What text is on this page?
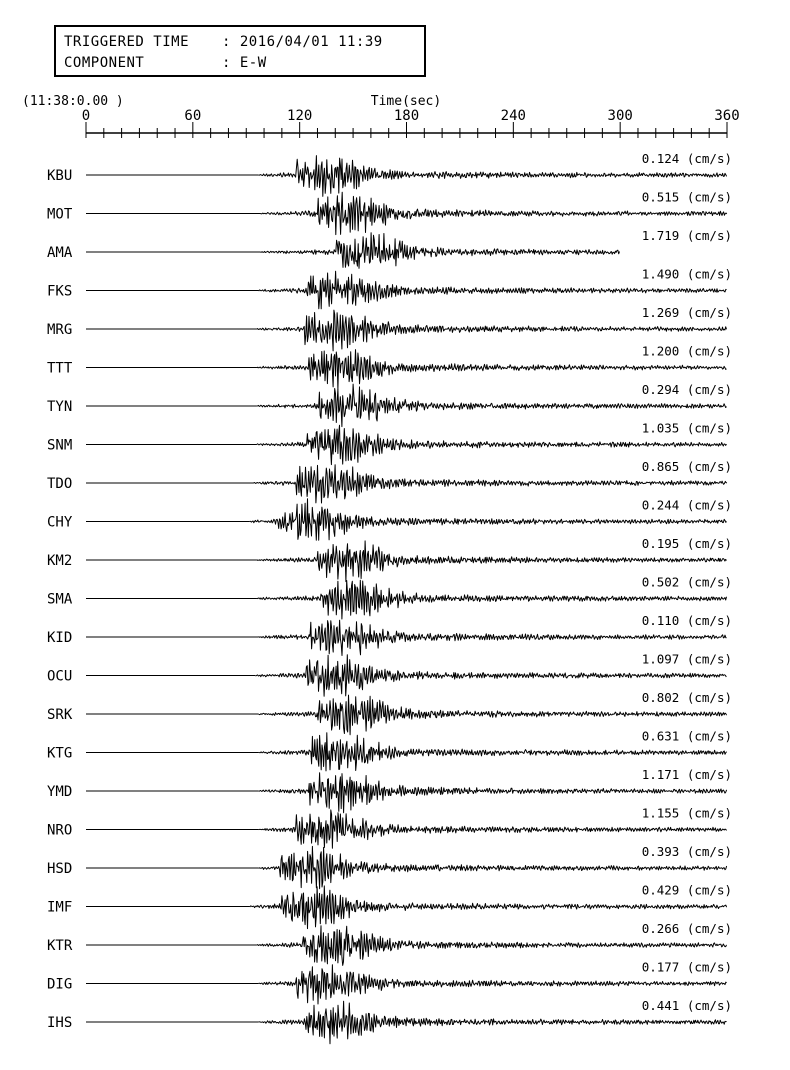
TRIGGERED TIME : 2016/04/01 11:39
COMPONENT	: E-W
(11:38:0.00 )	Time(sec)
0	60	120	180	240	300	360
KBU
0.124 (cm/s)
MOT
0.515 (cm/s)
AMA
1.719 (cm/s)
FKS
1.490 (cm/s)
MRG
1.269 (cm/s)
TTT
1.200 (cm/s)
TYN
0.294 (cm/s)
SNM
1.035 (cm/s)
TDO
0.865 (cm/s)
CHY
0.244 (cm/s)
KM2
0.195 (cm/s)
SMA
0.502 (cm/s)
KID
0.110 (cm/s)
OCU
1.097 (cm/s)
SRK
0.802 (cm/s)
KTG
0.631 (cm/s)
YMD
1.171 (cm/s)
NRO
1.155 (cm/s)
HSD
0.393 (cm/s)
IMF
0.429 (cm/s)
KTR
0.266 (cm/s)
DIG
0.177 (cm/s)
IHS
0.441 (cm/s)
